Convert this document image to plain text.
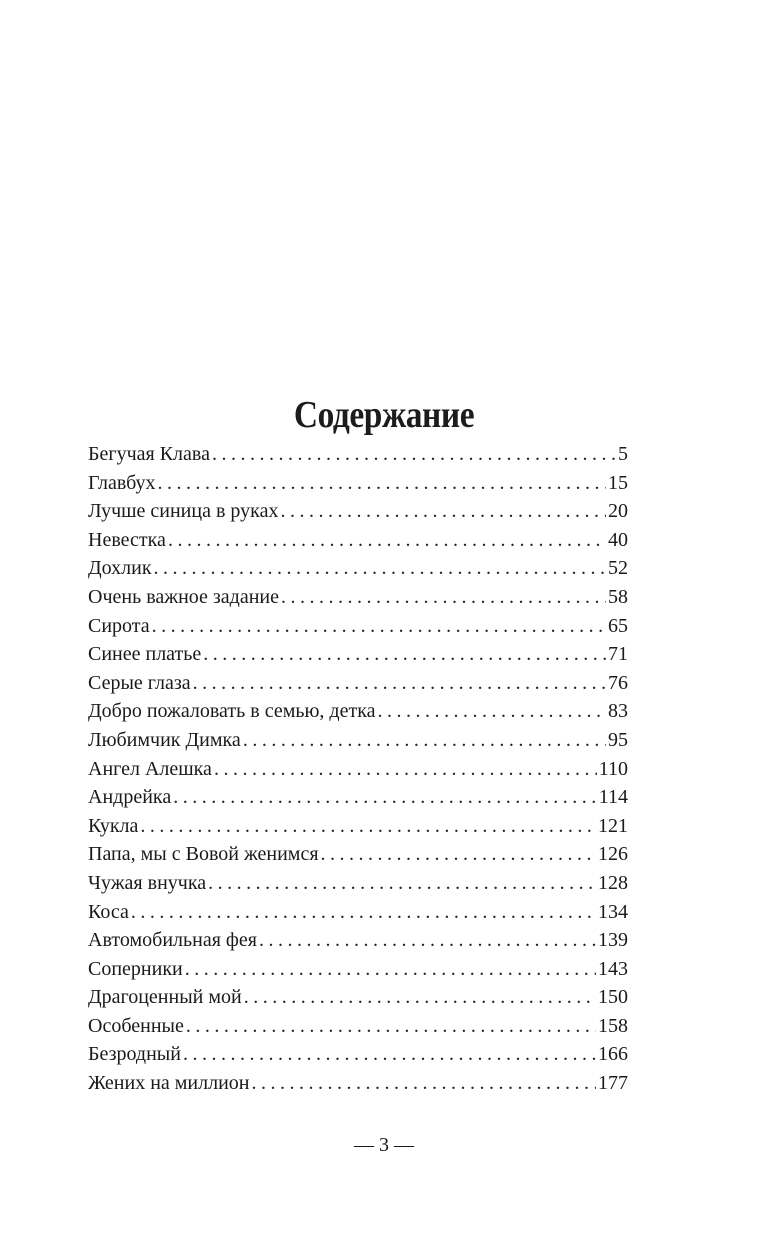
Содержание
Бегучая Клава . . .	5
Главбух . . .	15
Лучше синица в руках . . .	20
Невестка . . .	40
Дохлик . . .	52
Очень важное задание . . .	58
Сирота . . .	65
Синее платье . . .	71
Серые глаза . . .	76
Добро пожаловать в семью, детка . . .	83
Любимчик Димка . . .	95
Ангел Алешка . . .	110
Андрейка . . .	114
Кукла . . .	121
Папа, мы с Вовой женимся . . .	126
Чужая внучка . . .	128
Коса . . .	134
Автомобильная фея . . .	139
Соперники . . .	143
Драгоценный мой . . .	150
Особенные . . .	158
Безродный . . .	166
Жених на миллион . . .	177
— 3 —
